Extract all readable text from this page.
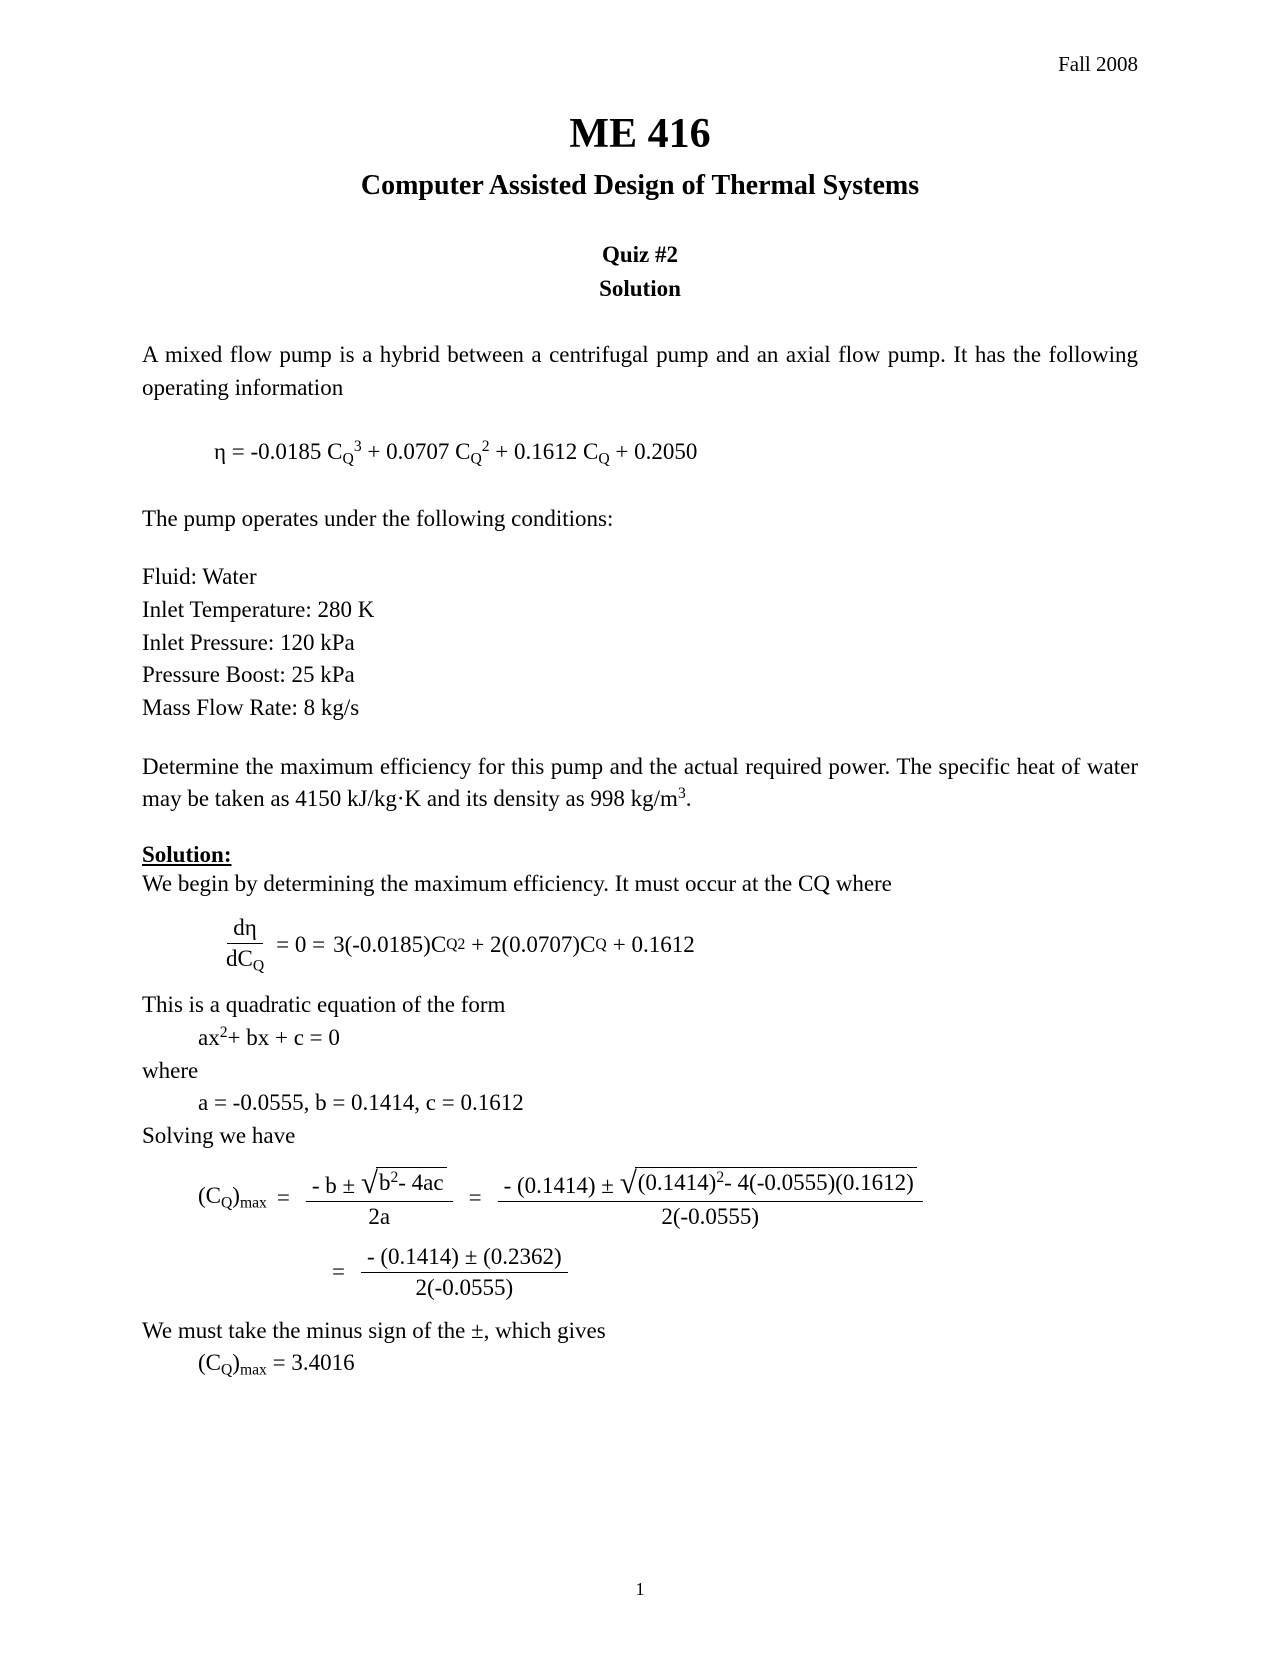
Fall 2008
ME 416
Computer Assisted Design of Thermal Systems
Quiz #2
Solution

A mixed flow pump is a hybrid between a centrifugal pump and an axial flow pump. It has the following operating information

η = -0.0185 $C_Q^3 + 0.0707$ $C_Q^2 + 0.1612$ $C_Q + 0.2050$

The pump operates under the following conditions:

Fluid: Water
Inlet Temperature: 280 K
Inlet Pressure: 120 kPa
Pressure Boost: 25 kPa
Mass Flow Rate: 8 kg/s

Determine the maximum efficiency for this pump and the actual required power. The specific heat of water may be taken as 4150 kJ/kg·K and its density as 998 $kg/m^3$.

Solution:
We begin by determining the maximum efficiency. It must occur at the CQ where
$\frac{d\eta}{dC_Q} = 0 = 3(-0.0185)C$ Q 2 + 2(0.0707)C Q + 0.1612
This is a quadratic equation of the form
$ax^2+$ bx + c = 0
where
a = -0.0555, b = 0.1414, c = 0.1612
Solving we have
$(C_Q)_{max} = \frac{- b \pm √ b^2- 4ac}{2a} = \frac{- (0.1414) \pm √ (0.1414)^2- 4(-0.0555)(0.1612)}{2(-0.0555)}$
= $\frac{- (0.1414) \pm (0.2362)}{2(-0.0555)}$
We must take the minus sign of the ±, which gives
$(C_Q)_{max} = 3.4016$
1
